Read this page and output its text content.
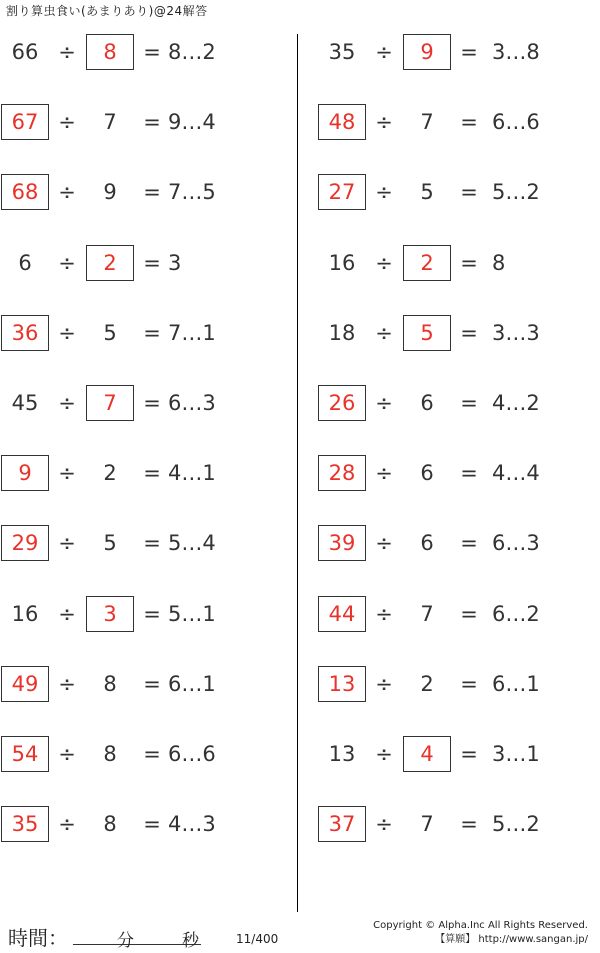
割り算虫食い(あまりあり)@24解答
66 ÷	8	= 8…2
67 ÷	7	= 9…4
68 ÷	9	= 7…5
6	÷	2	= 3
36 ÷	5	= 7…1
45 ÷	7	= 6…3
9	÷	2	= 4…1
29 ÷	5	= 5…4
16 ÷	3	= 5…1
49 ÷	8	= 6…1
54 ÷	8	= 6…6
35 ÷	8	= 4…3
35 ÷	9	= 3…8
48 ÷	7	= 6…6
27 ÷	5	= 5…2
16 ÷	2	= 8
18 ÷	5	= 3…3
26 ÷	6	= 4…2
28 ÷	6	= 4…4
39 ÷	6	= 6…3
44 ÷	7	= 6…2
13 ÷	2	= 6…1
13 ÷	4	= 3…1
37 ÷	7	= 5…2
時間：	分	秒	11/400
Copyright © Alpha.Inc All Rights Reserved.
【算願】 http://www.sangan.jp/
